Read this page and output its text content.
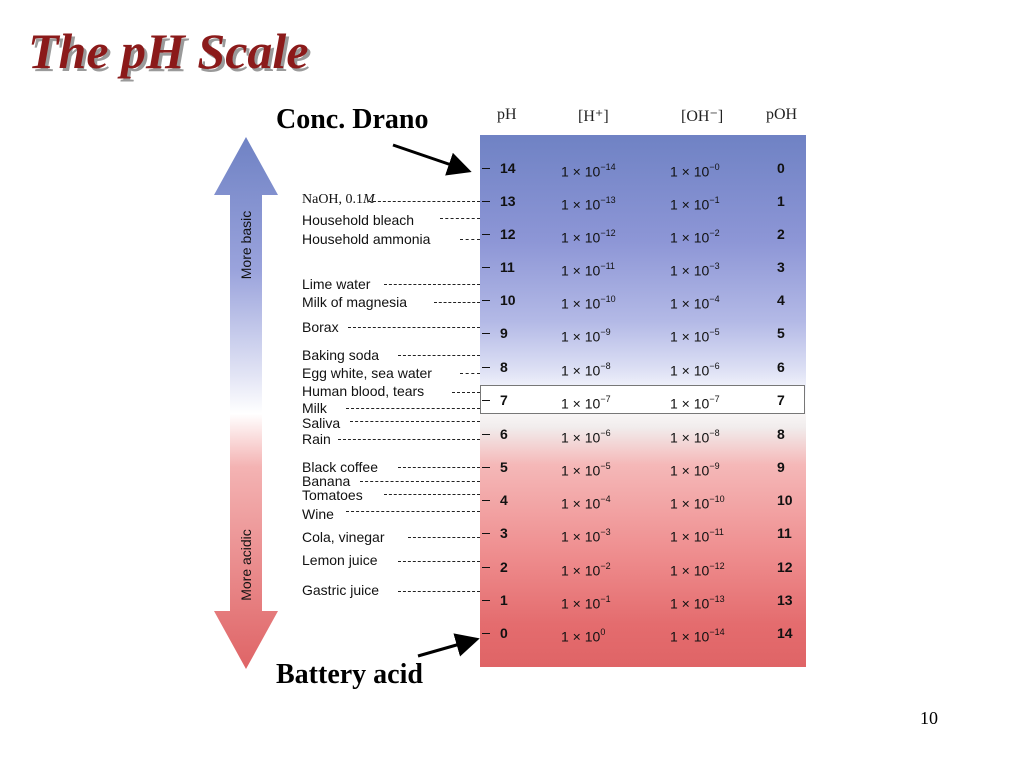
The pH Scale
More basic
More acidic
pH	[H⁺]	[OH⁻]	pOH
14	$1 \times 10^{-14}$	$1 \times 10^{-0}$	0
13	$1 \times 10^{-13}$	$1 \times 10^{-1}$	1
12	$1 \times 10^{-12}$	$1 \times 10^{-2}$	2
11	$1 \times 10^{-11}$	$1 \times 10^{-3}$	3
10	$1 \times 10^{-10}$	$1 \times 10^{-4}$	4
9	$1 \times 10^{-9}$	$1 \times 10^{-5}$	5
8	$1 \times 10^{-8}$	$1 \times 10^{-6}$	6
7	$1 \times 10^{-7}$	$1 \times 10^{-7}$	7
6	$1 \times 10^{-6}$	$1 \times 10^{-8}$	8
5	$1 \times 10^{-5}$	$1 \times 10^{-9}$	9
4	$1 \times 10^{-4}$	$1 \times 10^{-10}$	10
3	$1 \times 10^{-3}$	$1 \times 10^{-11}$	11
2	$1 \times 10^{-2}$	$1 \times 10^{-12}$	12
1	$1 \times 10^{-1}$	$1 \times 10^{-13}$	13
0	$1 \times 10^0$	$1 \times 10^{-14}$	14
NaOH, 0.1M
Household bleach
Household ammonia
Lime water
Milk of magnesia
Borax
Baking soda
Egg white, sea water
Human blood, tears
Milk
Saliva
Rain
Black coffee
Banana
Tomatoes
Wine
Cola, vinegar
Lemon juice
Gastric juice
Conc. Drano
Battery acid
10
